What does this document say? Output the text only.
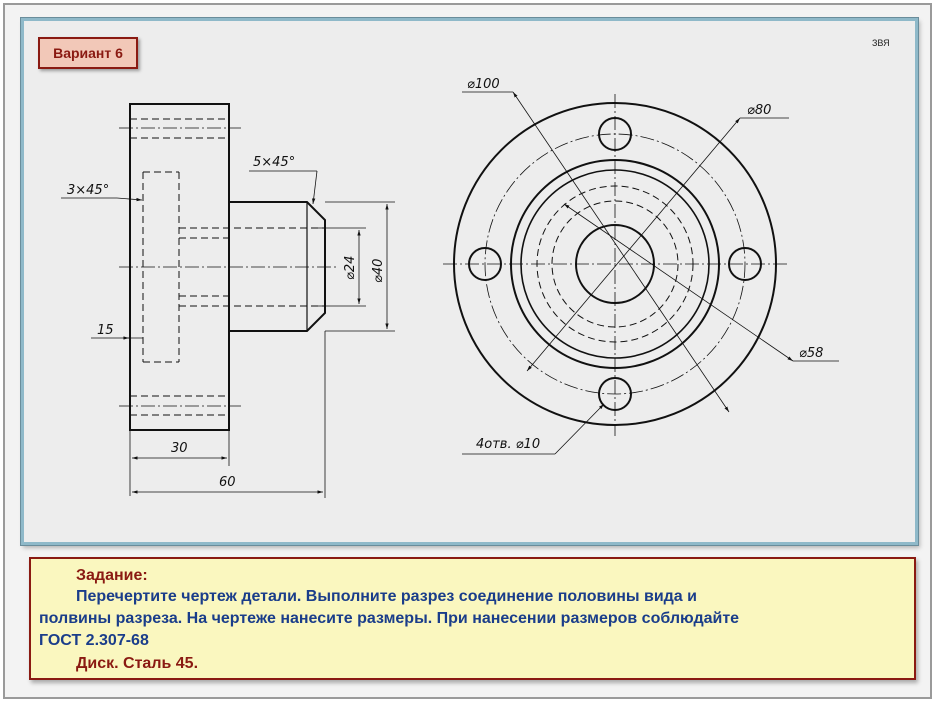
3×45°
5×45°
15
30
60
⌀24 ⌀40
⌀100
⌀80
⌀58
4отв. ⌀10
Вариант 6
ЗВЯ
Задание:
Перечертите чертеж детали. Выполните разрез соединение половины вида и
полвины разреза. На чертеже нанесите размеры. При нанесении размеров соблюдайте
ГОСТ 2.307-68
Диск. Сталь 45.
